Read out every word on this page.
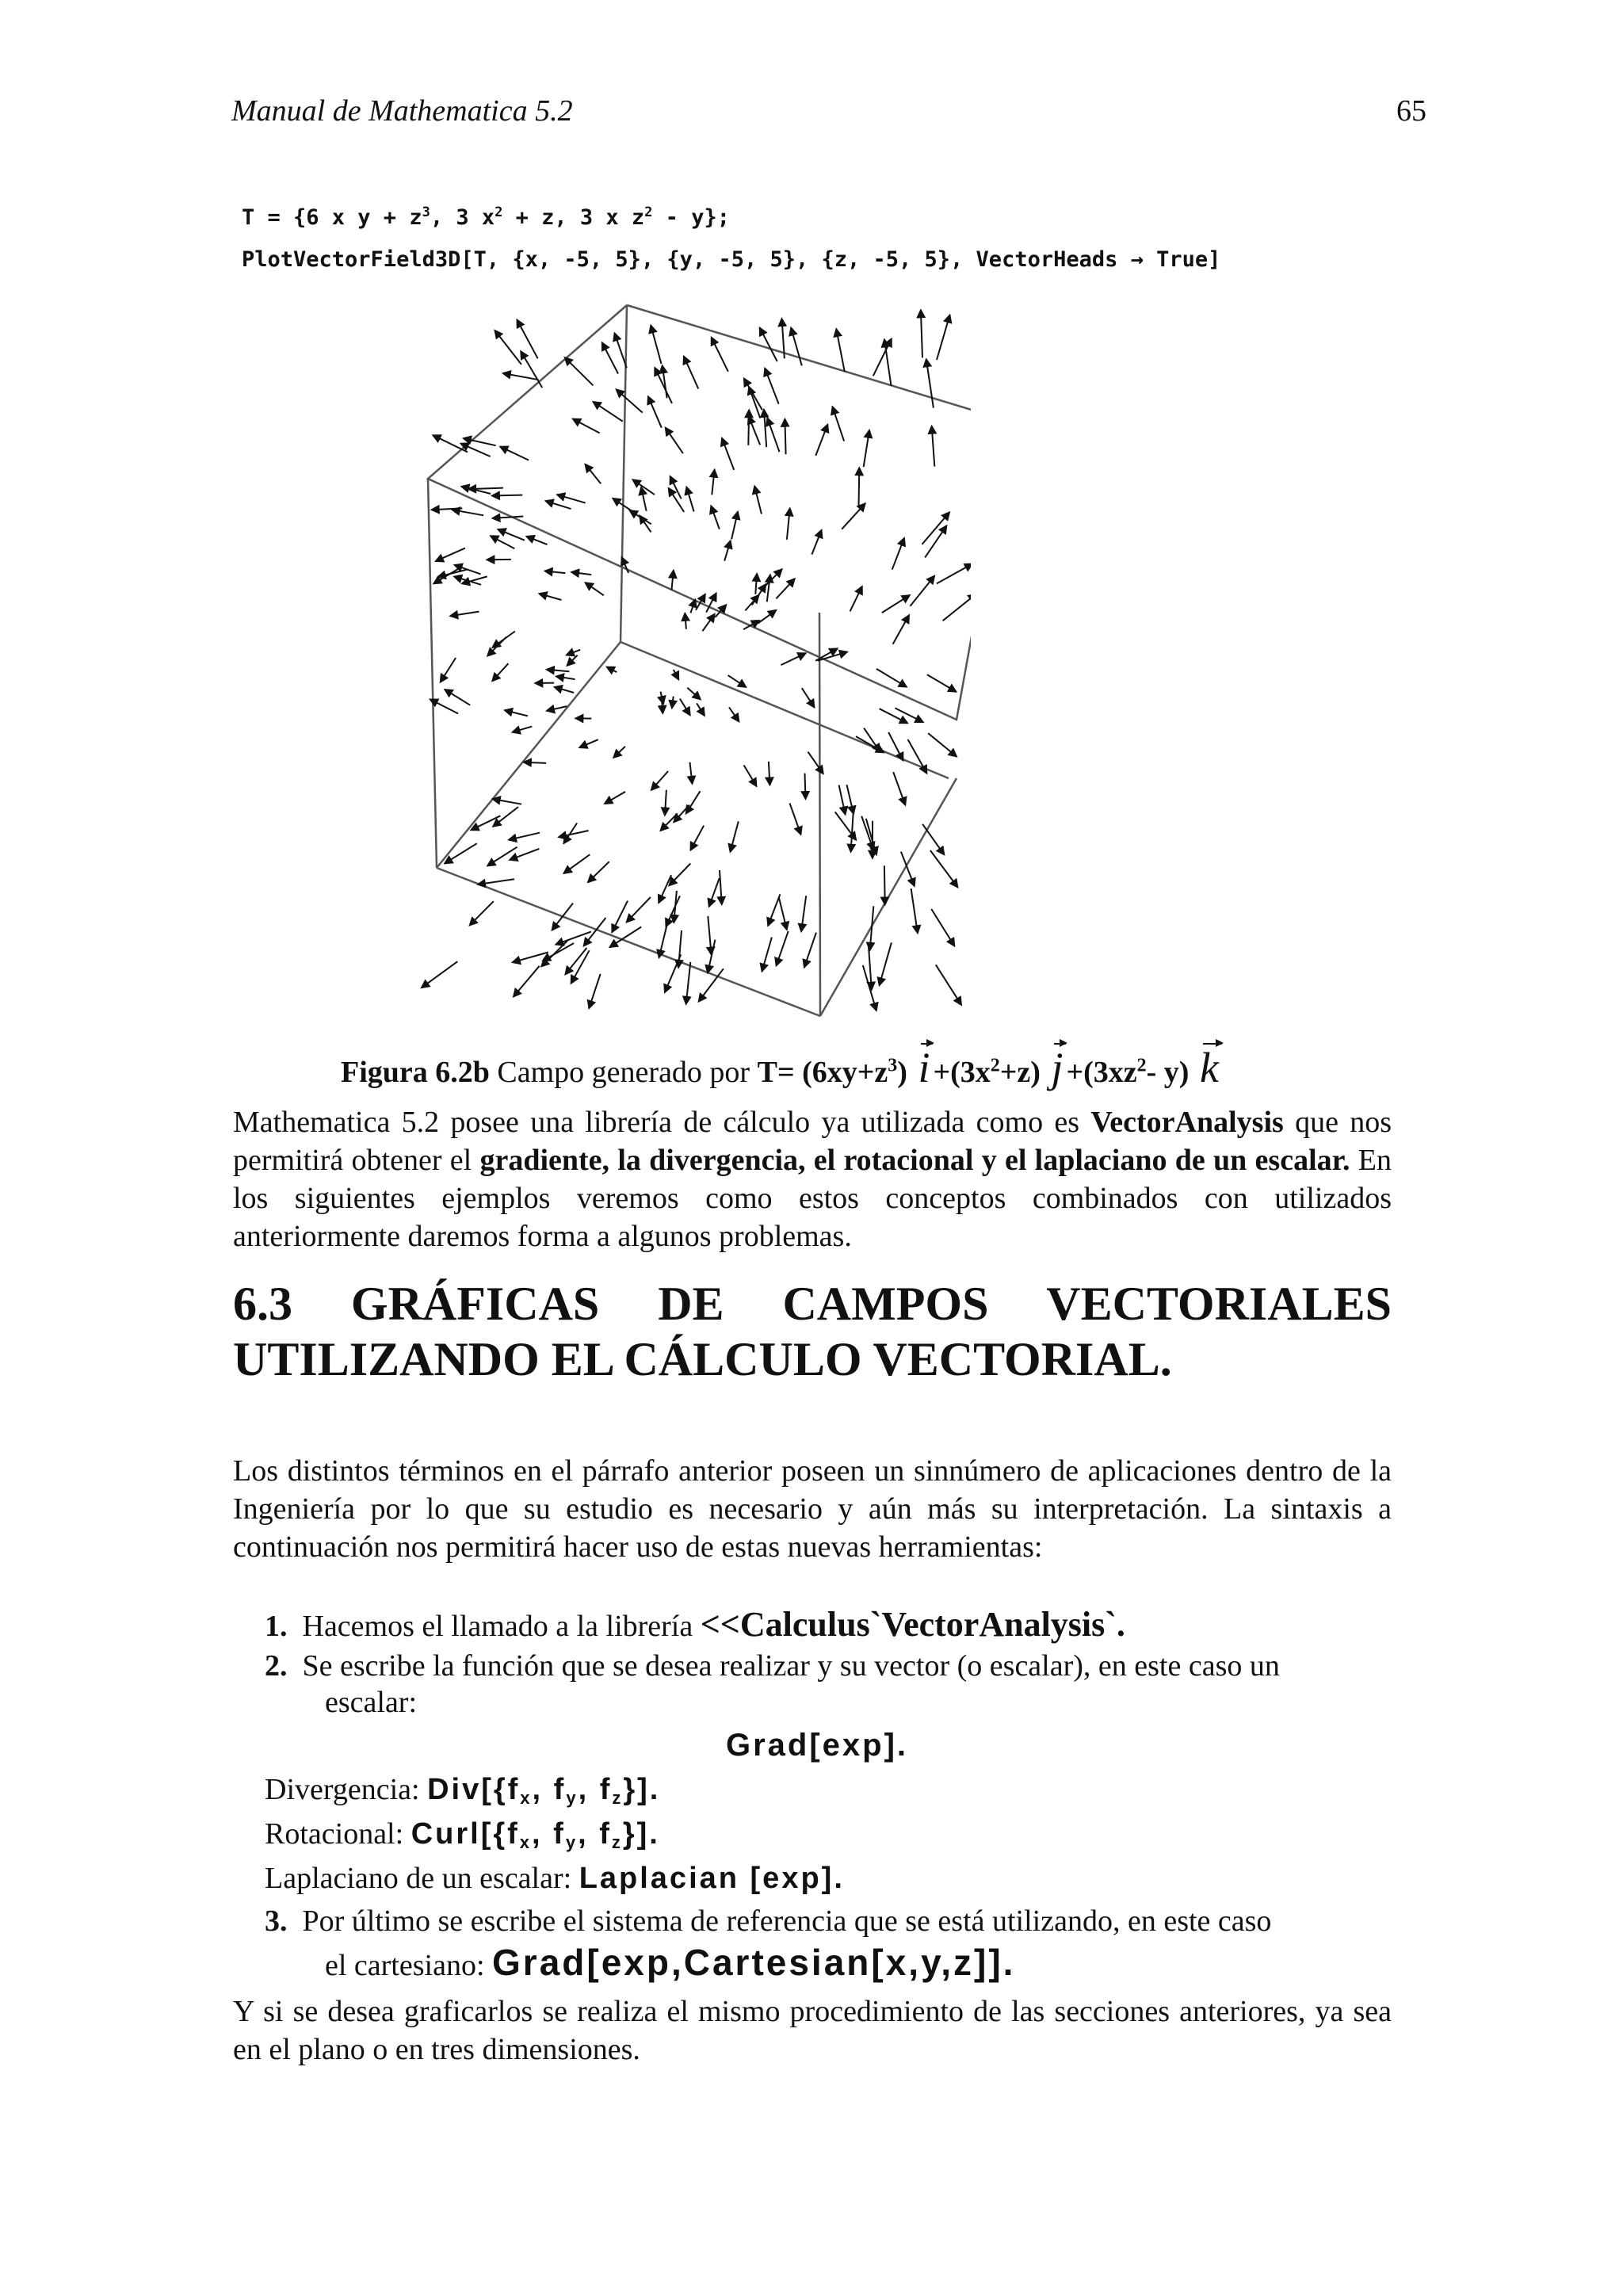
Manual de Mathematica 5.2	65
T = {6 x $y + z^3$, 3 $x^2 + z$, 3 x $z^2 - y$};
PlotVectorField3D[T, {x, -5, 5}, {y, -5, 5}, {z, -5, 5}, VectorHeads → True]
Figura 6.2b Campo generado por $T= (6xy+z^3)$ $i +(3x^2+z)$ $j +(3xz^2-$ y) k
Mathematica 5.2 posee una librería de cálculo ya utilizada como es VectorAnalysis que nos permitirá obtener el gradiente, la divergencia, el rotacional y el laplaciano de un escalar. En los siguientes ejemplos veremos como estos conceptos combinados con utilizados anteriormente daremos forma a algunos problemas.
6.3 GRÁFICAS DE CAMPOS VECTORIALES
UTILIZANDO EL CÁLCULO VECTORIAL.
Los distintos términos en el párrafo anterior poseen un sinnúmero de aplicaciones dentro de la Ingeniería por lo que su estudio es necesario y aún más su interpretación. La sintaxis a continuación nos permitirá hacer uso de estas nuevas herramientas:
1. Hacemos el llamado a la librería <<Calculus`VectorAnalysis`.
2. Se escribe la función que se desea realizar y su vector (o escalar), en este caso un
escalar:
Grad[exp].
Divergencia: $Div[\{f_x$, $f_y$, $f_z$}].
Rotacional: $Curl[\{f_x$, $f_y$, $f_z$}].
Laplaciano de un escalar: Laplacian [exp].
3. Por último se escribe el sistema de referencia que se está utilizando, en este caso
el cartesiano: Grad[exp,Cartesian[x,y,z]].
Y si se desea graficarlos se realiza el mismo procedimiento de las secciones anteriores, ya sea en el plano o en tres dimensiones.
